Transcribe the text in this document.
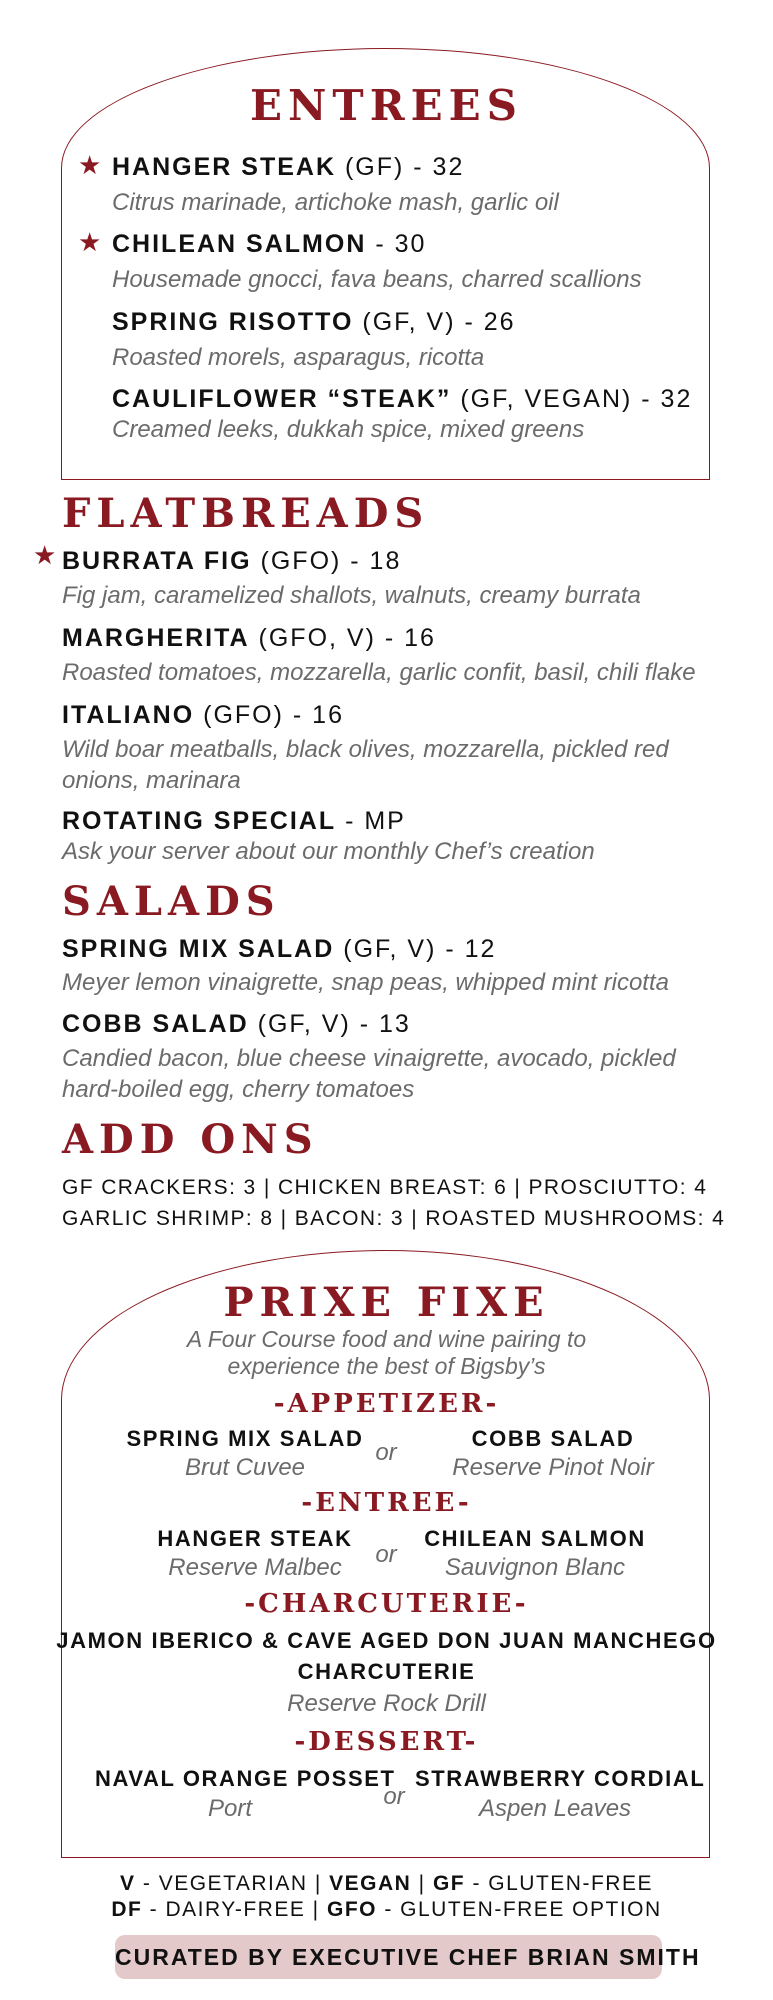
ENTREES
★ HANGER STEAK (GF) - 32
Citrus marinade, artichoke mash, garlic oil
★ CHILEAN SALMON - 30
Housemade gnocci, fava beans, charred scallions
SPRING RISOTTO (GF, V) - 26
Roasted morels, asparagus, ricotta
CAULIFLOWER “STEAK” (GF, VEGAN) - 32
Creamed leeks, dukkah spice, mixed greens
FLATBREADS
★ BURRATA FIG (GFO) - 18
Fig jam, caramelized shallots, walnuts, creamy burrata
MARGHERITA (GFO, V) - 16
Roasted tomatoes, mozzarella, garlic confit, basil, chili flake
ITALIANO (GFO) - 16
Wild boar meatballs, black olives, mozzarella, pickled red
onions, marinara
ROTATING SPECIAL - MP
Ask your server about our monthly Chef’s creation
SALADS
SPRING MIX SALAD (GF, V) - 12
Meyer lemon vinaigrette, snap peas, whipped mint ricotta
COBB SALAD (GF, V) - 13
Candied bacon, blue cheese vinaigrette, avocado, pickled
hard-boiled egg, cherry tomatoes
ADD ONS
GF CRACKERS: 3 | CHICKEN BREAST: 6 | PROSCIUTTO: 4
GARLIC SHRIMP: 8 | BACON: 3 | ROASTED MUSHROOMS: 4
PRIXE FIXE
A Four Course food and wine pairing to
experience the best of Bigsby’s
-APPETIZER-
SPRING MIX SALAD
Brut Cuvee
or
COBB SALAD
Reserve Pinot Noir
-ENTREE-
HANGER STEAK
Reserve Malbec	or
CHILEAN SALMON
Sauvignon Blanc
-CHARCUTERIE-
JAMON IBERICO & CAVE AGED DON JUAN MANCHEGO
CHARCUTERIE
Reserve Rock Drill
-DESSERT-
NAVAL ORANGE POSSET
Port	or
STRAWBERRY CORDIAL
Aspen Leaves
V - VEGETARIAN | VEGAN | GF - GLUTEN-FREE
DF - DAIRY-FREE | GFO - GLUTEN-FREE OPTION
CURATED BY EXECUTIVE CHEF BRIAN SMITH
